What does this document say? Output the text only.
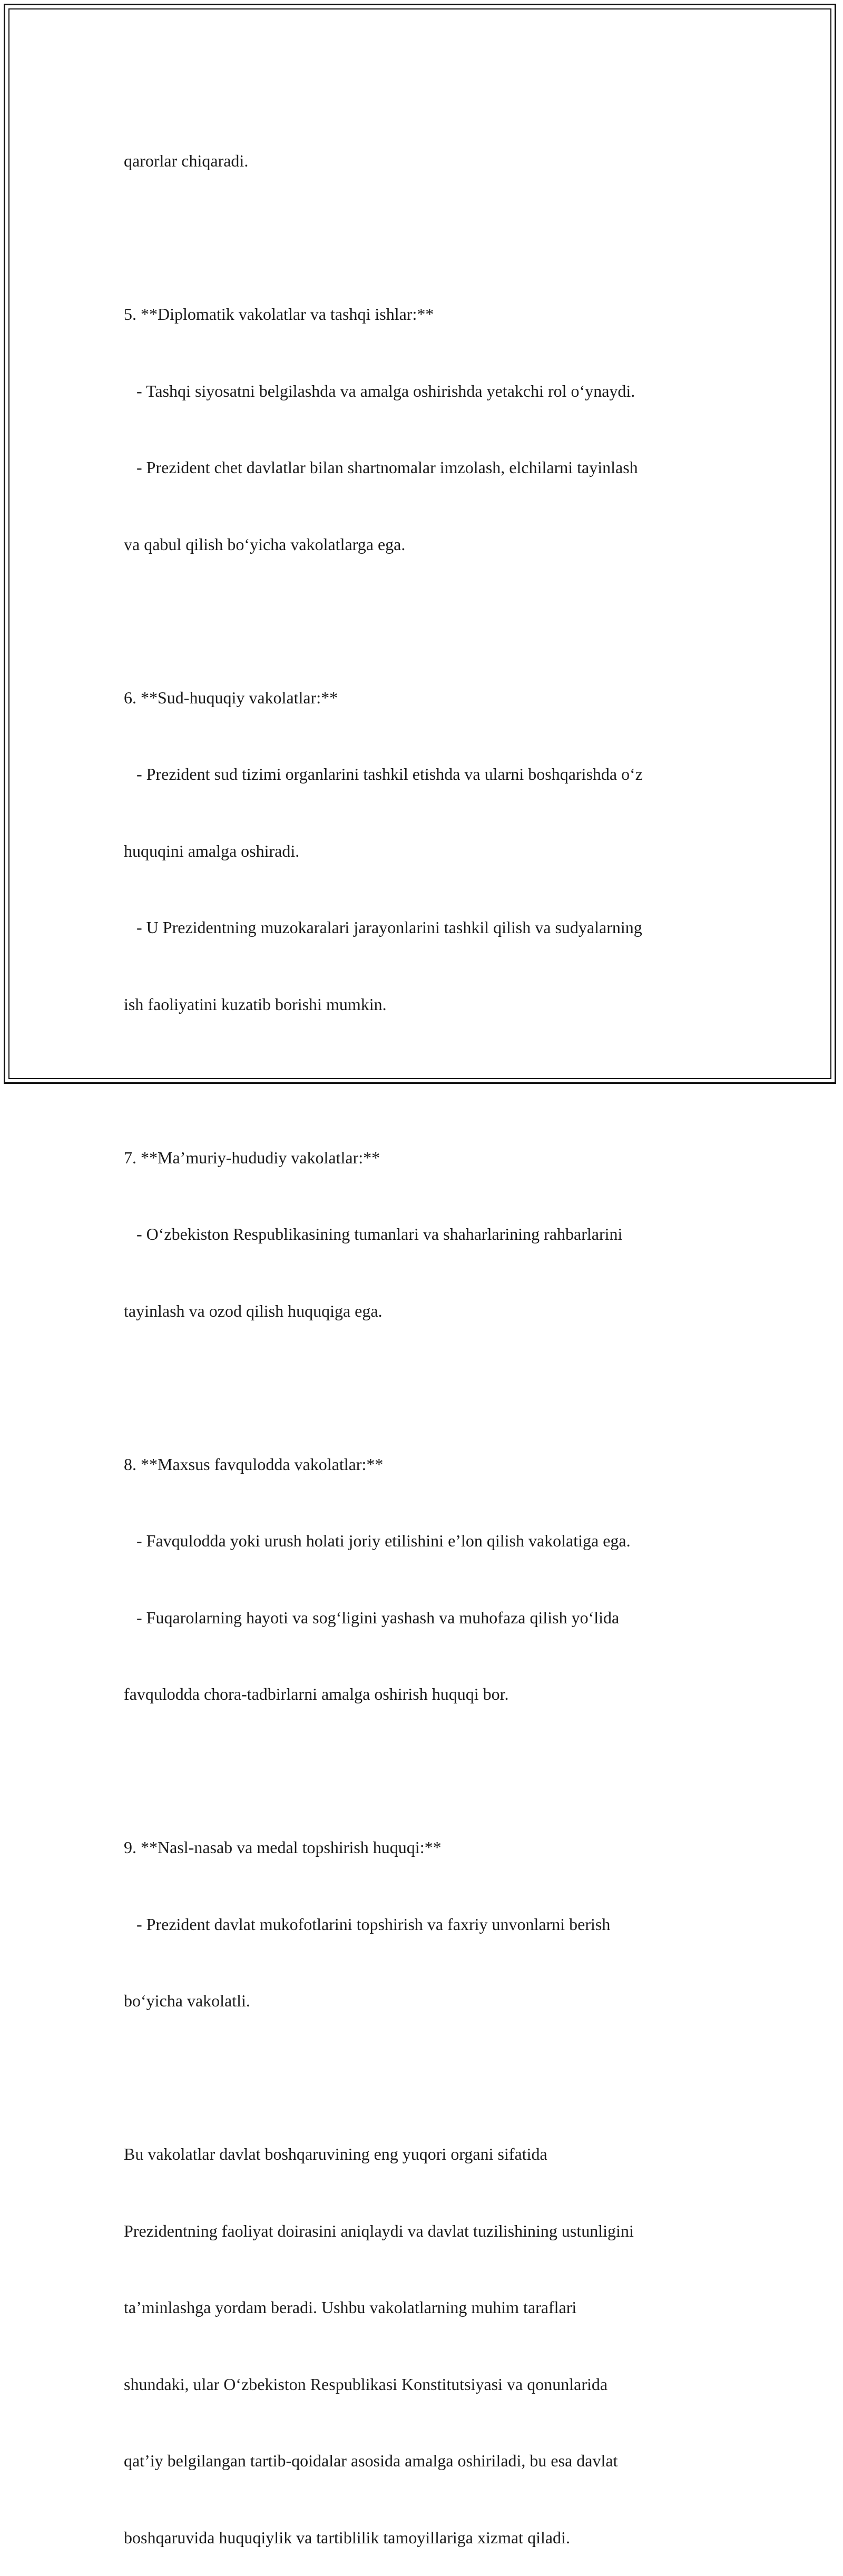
qarorlar chiqaradi.

5. **Diplomatik vakolatlar va tashqi ishlar:**

- Tashqi siyosatni belgilashda va amalga oshirishda yetakchi rol o‘ynaydi.

- Prezident chet davlatlar bilan shartnomalar imzolash, elchilarni tayinlash

va qabul qilish bo‘yicha vakolatlarga ega.

6. **Sud-huquqiy vakolatlar:**

- Prezident sud tizimi organlarini tashkil etishda va ularni boshqarishda o‘z

huquqini amalga oshiradi.

- U Prezidentning muzokaralari jarayonlarini tashkil qilish va sudyalarning

ish faoliyatini kuzatib borishi mumkin.

7. **Ma’muriy-hududiy vakolatlar:**

- O‘zbekiston Respublikasining tumanlari va shaharlarining rahbarlarini

tayinlash va ozod qilish huquqiga ega.

8. **Maxsus favqulodda vakolatlar:**

- Favqulodda yoki urush holati joriy etilishini e’lon qilish vakolatiga ega.

- Fuqarolarning hayoti va sog‘ligini yashash va muhofaza qilish yo‘lida

favqulodda chora-tadbirlarni amalga oshirish huquqi bor.

9. **Nasl-nasab va medal topshirish huquqi:**

- Prezident davlat mukofotlarini topshirish va faxriy unvonlarni berish

bo‘yicha vakolatli.

Bu vakolatlar davlat boshqaruvining eng yuqori organi sifatida

Prezidentning faoliyat doirasini aniqlaydi va davlat tuzilishining ustunligini

ta’minlashga yordam beradi. Ushbu vakolatlarning muhim taraflari

shundaki, ular O‘zbekiston Respublikasi Konstitutsiyasi va qonunlarida

qat’iy belgilangan tartib-qoidalar asosida amalga oshiriladi, bu esa davlat

boshqaruvida huquqiylik va tartiblilik tamoyillariga xizmat qiladi.
